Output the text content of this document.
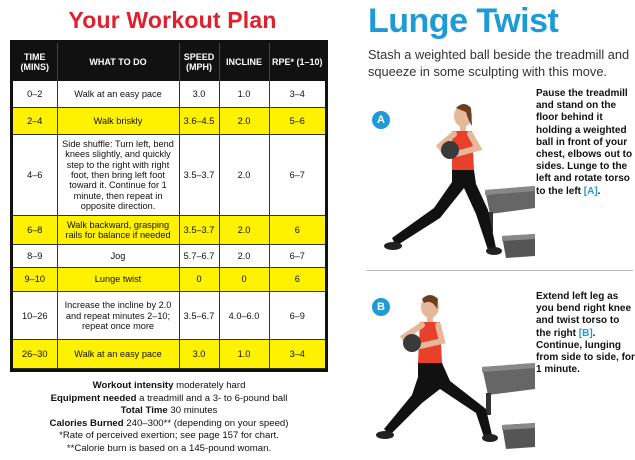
Your Workout Plan
TIME (MINS)	WHAT TO DO	SPEED (MPH)	INCLINE	RPE* (1–10)
0–2	Walk at an easy pace	3.0	1.0	3–4
2–4	Walk briskly	3.6–4.5	2.0	5–6
4–6	Side shuffle: Turn left, bend knees slightly, and quickly step to the right with right foot, then bring left foot toward it. Continue for 1 minute, then repeat in opposite direction.	3.5–3.7	2.0	6–7
6–8	Walk backward, grasping rails for balance if needed	3.5–3.7	2.0	6
8–9	Jog	5.7–6.7	2.0	6–7
9–10	Lunge twist	0	0	6
10–26	Increase the incline by 2.0 and repeat minutes 2–10; repeat once more	3.5–6.7	4.0–6.0	6–9
26–30	Walk at an easy pace	3.0	1.0	3–4
Workout intensity moderately hard
Equipment needed a treadmill and a 3- to 6-pound ball
Total Time 30 minutes
Calories Burned 240–300** (depending on your speed)
*Rate of perceived exertion; see page 157 for chart.
**Calorie burn is based on a 145-pound woman.
Lunge Twist
Stash a weighted ball beside the treadmill and squeeze in some sculpting with this move.
A
Pause the treadmill and stand on the floor behind it holding a weighted ball in front of your chest, elbows out to sides. Lunge to the left and rotate torso to the left [A].
B
Extend left leg as you bend right knee and twist torso to the right [B]. Continue, lunging from side to side, for 1 minute.
